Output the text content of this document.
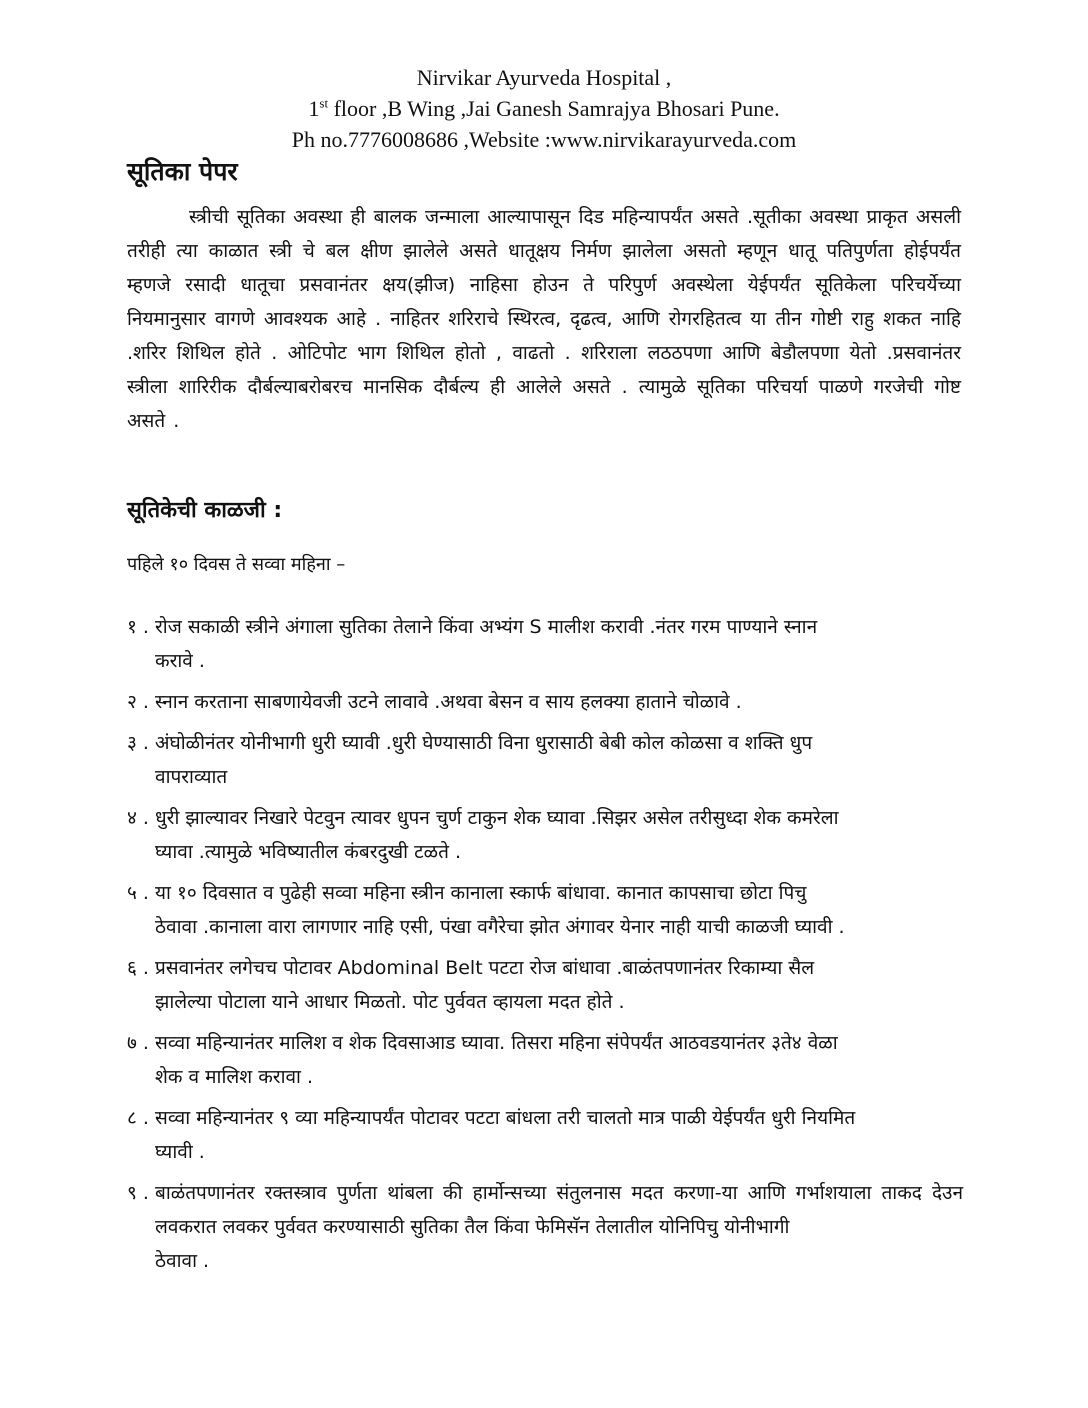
Nirvikar Ayurveda Hospital ,
1st floor ,B Wing ,Jai Ganesh Samrajya Bhosari Pune.
Ph no.7776008686 ,Website :www.nirvikarayurveda.com
सूतिका पेपर

स्त्रीची सूतिका अवस्था ही बालक जन्माला आल्यापासून दिड महिन्यापर्यंत असते .सूतीका अवस्था प्राकृत असली तरीही त्या काळात स्त्री चे बल क्षीण झालेले असते धातूक्षय निर्मण झालेला असतो म्हणून धातू पतिपुर्णता होईपर्यंत म्हणजे रसादी धातूचा प्रसवानंतर क्षय(झीज) नाहिसा होउन ते परिपुर्ण अवस्थेला येईपर्यंत सूतिकेला परिचर्येच्या नियमानुसार वागणे आवश्यक आहे . नाहितर शरिराचे स्थिरत्व, दृढत्व, आणि रोगरहितत्व या तीन गोष्टी राहु शकत नाहि .शरिर शिथिल होते . ओटिपोट भाग शिथिल होतो , वाढतो . शरिराला लठठपणा आणि बेडौलपणा येतो .प्रसवानंतर स्त्रीला शारिरीक दौर्बल्याबरोबरच मानसिक दौर्बल्य ही आलेले असते . त्यामुळे सूतिका परिचर्या पाळणे गरजेची गोष्ट असते .

सूतिकेची काळजी :

पहिले १० दिवस ते सव्वा महिना –

१ . रोज सकाळी स्त्रीने अंगाला सुतिका तेलाने किंवा अभ्यंग S मालीश करावी .नंतर गरम पाण्याने स्नान
करावे .
२ . स्नान करताना साबणायेवजी उटने लावावे .अथवा बेसन व साय हलक्या हाताने चोळावे .
३ . अंघोळीनंतर योनीभागी धुरी घ्यावी .धुरी घेण्यासाठी विना धुरासाठी बेबी कोल कोळसा व शक्ति धुप
वापराव्यात
४ . धुरी झाल्यावर निखारे पेटवुन त्यावर धुपन चुर्ण टाकुन शेक घ्यावा .सिझर असेल तरीसुध्दा शेक कमरेला
घ्यावा .त्यामुळे भविष्यातील कंबरदुखी टळते .
५ . या १० दिवसात व पुढेही सव्वा महिना स्त्रीन कानाला स्कार्फ बांधावा. कानात कापसाचा छोटा पिचु
ठेवावा .कानाला वारा लागणार नाहि एसी, पंखा वगैरेचा झोत अंगावर येनार नाही याची काळजी घ्यावी .
६ . प्रसवानंतर लगेचच पोटावर Abdominal Belt पटटा रोज बांधावा .बाळंतपणानंतर रिकाम्या सैल
झालेल्या पोटाला याने आधार मिळतो. पोट पुर्ववत व्हायला मदत होते .
७ . सव्वा महिन्यानंतर मालिश व शेक दिवसाआड घ्यावा. तिसरा महिना संपेपर्यंत आठवडयानंतर ३ते४ वेळा
शेक व मालिश करावा .
८ . सव्वा महिन्यानंतर ९ व्या महिन्यापर्यंत पोटावर पटटा बांधला तरी चालतो मात्र पाळी येईपर्यंत धुरी नियमित
घ्यावी .
९ . बाळंतपणानंतर रक्तस्त्राव पुर्णता थांबला की हार्मोन्सच्या संतुलनास मदत करणा-या आणि गर्भाशयाला ताकद देउन लवकरात लवकर पुर्ववत करण्यासाठी सुतिका तैल किंवा फेमिसॅन तेलातील योनिपिचु योनीभागी
ठेवावा .
